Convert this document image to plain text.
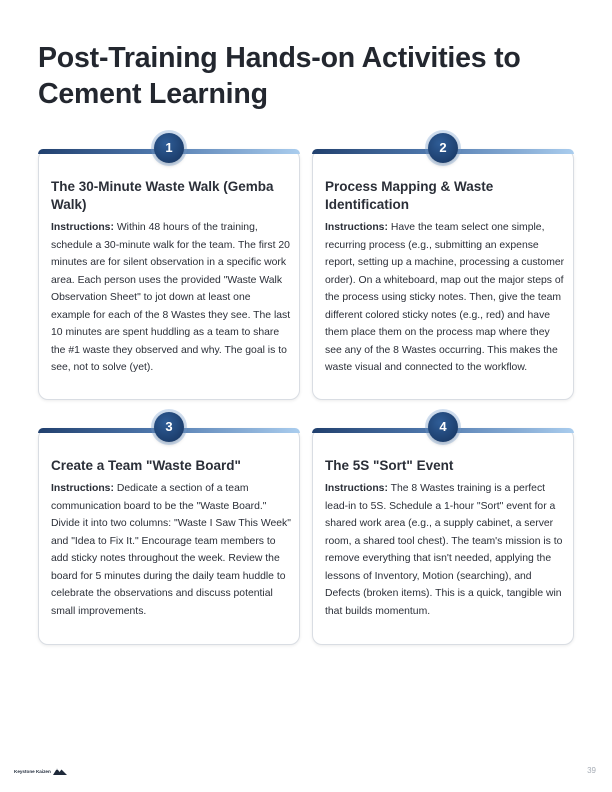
Post-Training Hands-on Activities to Cement Learning
1
The 30-Minute Waste Walk (Gemba Walk)

Instructions: Within 48 hours of the training, schedule a 30-minute walk for the team. The first 20 minutes are for silent observation in a specific work area. Each person uses the provided "Waste Walk Observation Sheet" to jot down at least one example for each of the 8 Wastes they see. The last 10 minutes are spent huddling as a team to share the #1 waste they observed and why. The goal is to see, not to solve (yet).

2
Process Mapping & Waste Identification

Instructions: Have the team select one simple, recurring process (e.g., submitting an expense report, setting up a machine, processing a customer order). On a whiteboard, map out the major steps of the process using sticky notes. Then, give the team different colored sticky notes (e.g., red) and have them place them on the process map where they see any of the 8 Wastes occurring. This makes the waste visual and connected to the workflow.

3
Create a Team "Waste Board"

Instructions: Dedicate a section of a team communication board to be the "Waste Board." Divide it into two columns: "Waste I Saw This Week" and "Idea to Fix It." Encourage team members to add sticky notes throughout the week. Review the board for 5 minutes during the daily team huddle to celebrate the observations and discuss potential small improvements.

4
The 5S "Sort" Event

Instructions: The 8 Wastes training is a perfect lead-in to 5S. Schedule a 1-hour "Sort" event for a shared work area (e.g., a supply cabinet, a server room, a shared tool chest). The team's mission is to remove everything that isn't needed, applying the lessons of Inventory, Motion (searching), and Defects (broken items). This is a quick, tangible win that builds momentum.

Keystone Kaizen	39
